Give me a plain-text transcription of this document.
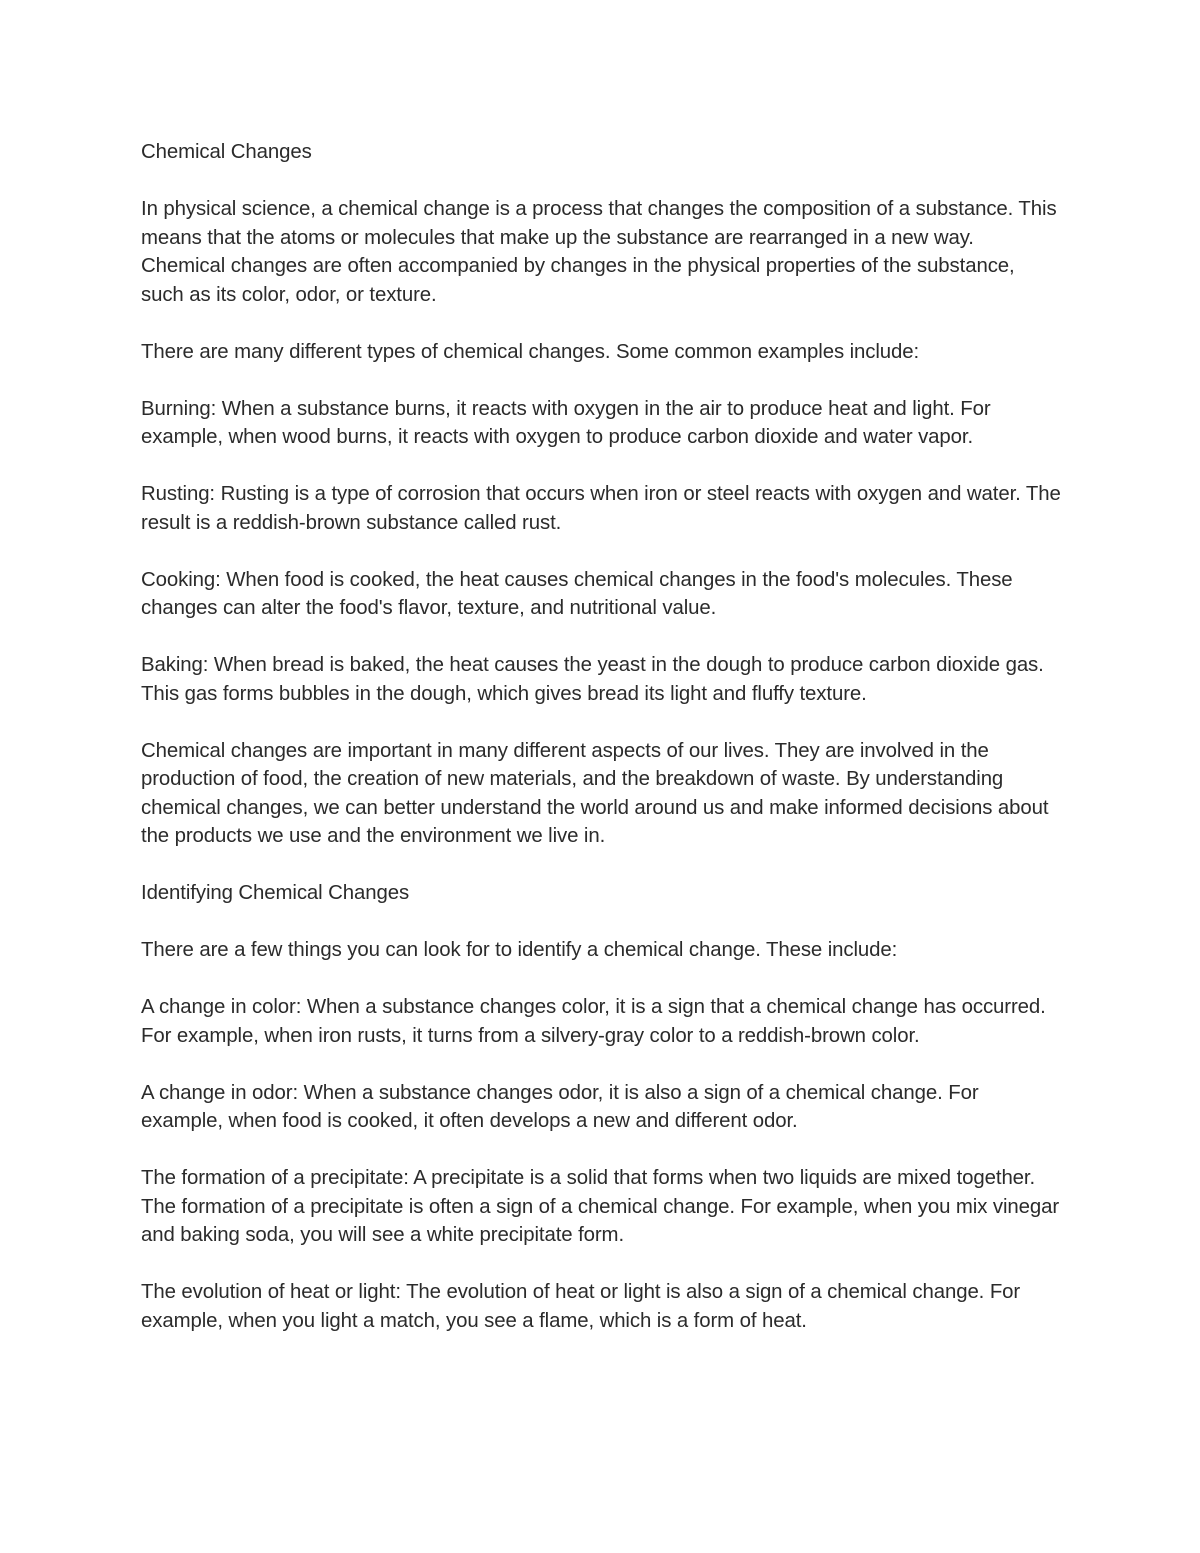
Chemical Changes

In physical science, a chemical change is a process that changes the composition of a substance. This means that the atoms or molecules that make up the substance are rearranged in a new way. Chemical changes are often accompanied by changes in the physical properties of the substance, such as its color, odor, or texture.

There are many different types of chemical changes. Some common examples include:

Burning: When a substance burns, it reacts with oxygen in the air to produce heat and light. For example, when wood burns, it reacts with oxygen to produce carbon dioxide and water vapor.

Rusting: Rusting is a type of corrosion that occurs when iron or steel reacts with oxygen and water. The result is a reddish-brown substance called rust.

Cooking: When food is cooked, the heat causes chemical changes in the food's molecules. These changes can alter the food's flavor, texture, and nutritional value.

Baking: When bread is baked, the heat causes the yeast in the dough to produce carbon dioxide gas. This gas forms bubbles in the dough, which gives bread its light and fluffy texture.

Chemical changes are important in many different aspects of our lives. They are involved in the production of food, the creation of new materials, and the breakdown of waste. By understanding chemical changes, we can better understand the world around us and make informed decisions about the products we use and the environment we live in.

Identifying Chemical Changes

There are a few things you can look for to identify a chemical change. These include:

A change in color: When a substance changes color, it is a sign that a chemical change has occurred. For example, when iron rusts, it turns from a silvery-gray color to a reddish-brown color.

A change in odor: When a substance changes odor, it is also a sign of a chemical change. For example, when food is cooked, it often develops a new and different odor.

The formation of a precipitate: A precipitate is a solid that forms when two liquids are mixed together. The formation of a precipitate is often a sign of a chemical change. For example, when you mix vinegar and baking soda, you will see a white precipitate form.

The evolution of heat or light: The evolution of heat or light is also a sign of a chemical change. For example, when you light a match, you see a flame, which is a form of heat.
